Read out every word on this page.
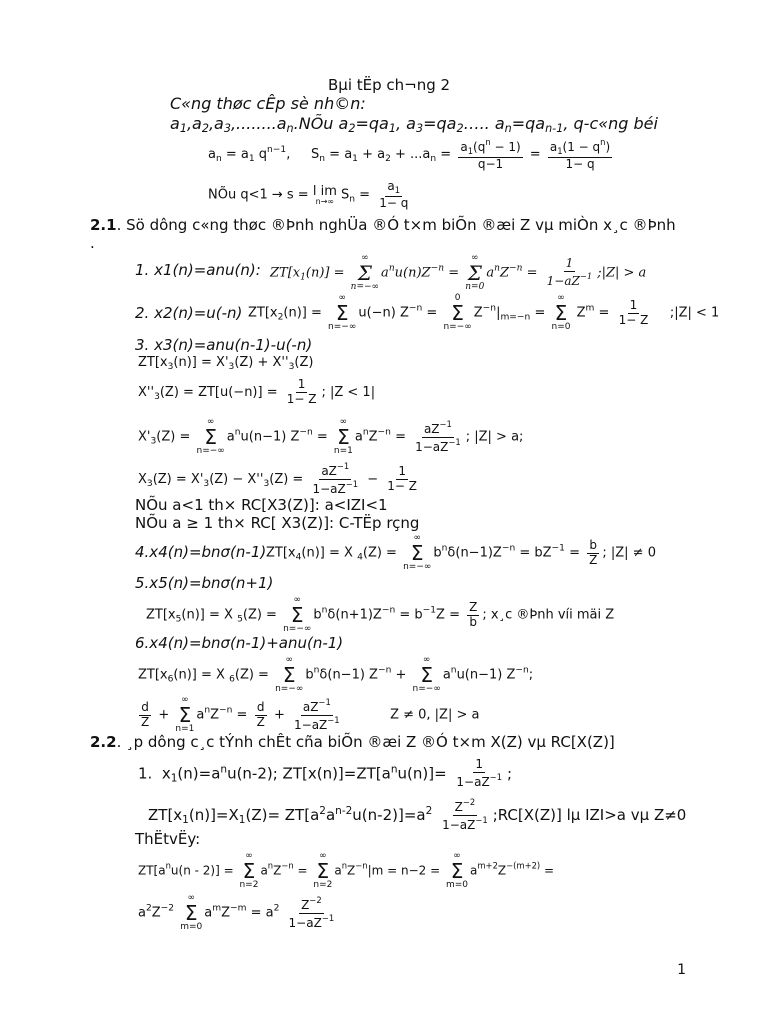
Bµi tËp ch¬ng 2
C«ng thøc cÊp sè nh©n:
$a_1,a_2,a_3,........a_n.NÕu$ $a_2=qa_1$, $a_3=qa_2\dots$.. $a_n=qa_{n-1}$, q-c«ng béi
$a_n = a_1$ $q^{n-1}$,     $S_n = a_1 + a_2 + ...a_n = \frac{a_1(q^n - 1)}{q-1} = \frac{a_1(1 - q^n)}{1- q}$
NÕu q<1 → s = l im
n→∞ $S_n = \frac{a_1}{1- q}$
2.1. Sö dông c«ng thøc ®Þnh nghÜa ®Ó t×m biÕn ®æi Z vµ miÒn x¸c ®Þnh
.
1. x1(n)=anu(n): $ZT[x_1(n)]$ =
∞
Σ
n=−∞
$a^nu(n)Z^{-n}$ =
∞
Σ
n=0
$a^nZ^{-n} = \frac{1}{1-aZ^{-1}}$ ;|Z| > a
2. x2(n)=u(-n) $ZT[x_2(n)]$ =
∞
Σ
n=−∞
u(−n) $Z^{-n}$ =
0
Σ
n=−∞
$Z^{-n}|_{m=-n}$ =
∞
Σ
n=0
$Z^m = \frac{1}{1- Z}$ ;|Z| < 1
3. x3(n)=anu(n-1)-u(-n)
$ZT[x_3(n)] = X'_3(Z) + X''_3(Z)$
$X''_3(Z) = ZT[u(-n)] = \frac{1}{1- Z}$ ; |Z < 1|
$X'_3(Z)$ =
∞
Σ
n=−∞
$a^nu(n-1) Z^{-n}$ =
∞
Σ
n=1
$a^nZ^{-n} = \frac{aZ^{-1}}{1-aZ^{-1}}$ ; |Z| > a;
$X_3(Z) = X'_3(Z) - X''_3(Z) = \frac{aZ^{-1}}{1-aZ^{-1}} - \frac{1}{1- Z}$
NÕu a<1 th× RC[X3(Z)]: a<IZI<1
NÕu a ≥ 1 th× RC[ X3(Z)]: C-TËp rçng
4.x4(n)=bnσ(n-1) $ZT[x_4(n)] = X$ $_4$(Z) =
∞
Σ
n=−∞
$b^n\delta(n-1)Z^{-n} = bZ^{-1} = \frac{b}{Z}$ ; |Z| ≠ 0
5.x5(n)=bnσ(n+1)
$ZT[x_5(n)] = X$ $_5$(Z) =
∞
Σ
n=−∞
$b^n\delta(n+1)Z^{-n} = b^{-1}Z = \frac{Z}{b}$ ; x¸c ®Þnh víi mäi Z
6.x4(n)=bnσ(n-1)+anu(n-1)
$ZT[x_6(n)] = X$ $_6$(Z) =
∞
Σ
n=−∞
$b^n\delta(n-1) Z^{-n}$ +
∞
Σ
n=−∞
$a^nu(n-1)$ $Z^{-n}$;
$\frac{d}{Z}$ +
∞
Σ
n=1
$a^nZ^{-n} = \frac{d}{Z} + \frac{aZ^{-1}}{1-aZ^{-1}}$ Z ≠ 0, |Z| > a
2.2. ¸p dông c¸c tÝnh chÊt cña biÕn ®æi Z ®Ó t×m X(Z) vµ RC[X(Z)]
1.  $x_1(n)=a^nu(n-2)$; $ZT[x(n)]=ZT[a^nu(n)]= \frac{1}{1-aZ^{-1}}$ ;
$ZT[x_1(n)]=X_1(Z)= ZT[a^2a^{n-2}u(n-2)]=a^2 \frac{Z^{-2}}{1-aZ^{-1}}$ ;RC[X(Z)] lµ IZI>a vµ Z≠0
ThËtvËy:
$ZT[a^nu(n - 2)]$ =
∞
Σ
n=2
$a^nZ^{-n}$ =
∞
Σ
n=2
$a^nZ^{-n}|m = n-2$ =
∞
Σ
m=0
$a^{m+2}Z^{-(m+2)}$ =
$a^2Z^{-2}$
∞
Σ
m=0
$a^mZ^{-m} = a^2 \frac{Z^{-2}}{1-aZ^{-1}}$
1
